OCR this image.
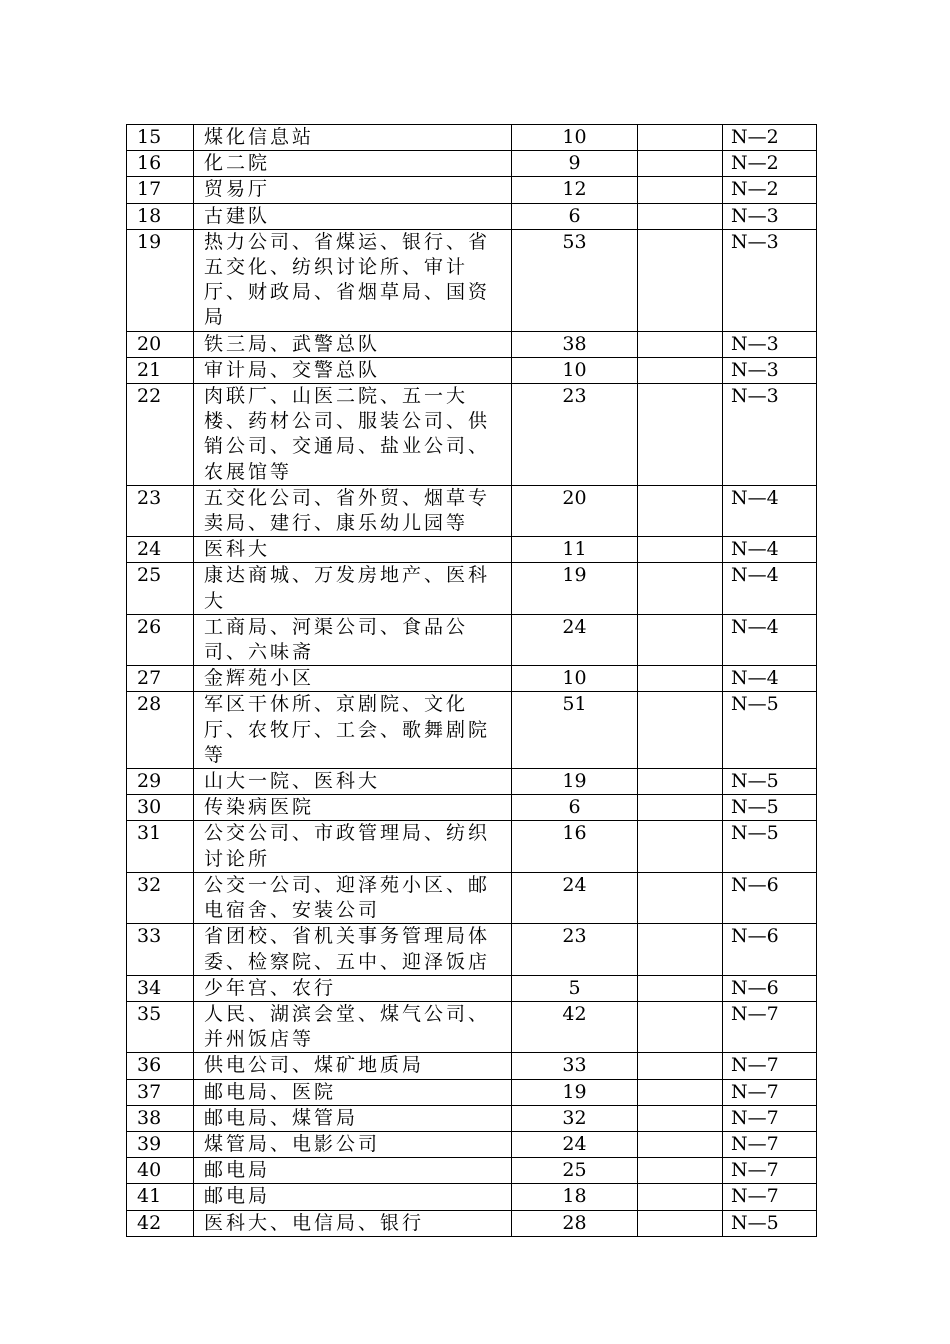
15	煤化信息站	10		N—2
16	化二院	9		N—2
17	贸易厅	12		N—2
18	古建队	6		N—3
19	热力公司、省煤运、银行、省五交化、纺织讨论所、审计厅、财政局、省烟草局、国资局	53		N—3
20	铁三局、武警总队	38		N—3
21	审计局、交警总队	10		N—3
22	肉联厂、山医二院、五一大楼、药材公司、服装公司、供销公司、交通局、盐业公司、农展馆等	23		N—3
23	五交化公司、省外贸、烟草专卖局、建行、康乐幼儿园等	20		N—4
24	医科大	11		N—4
25	康达商城、万发房地产、医科大	19		N—4
26	工商局、河渠公司、食品公司、六味斋	24		N—4
27	金辉苑小区	10		N—4
28	军区干休所、京剧院、文化厅、农牧厅、工会、歌舞剧院等	51		N—5
29	山大一院、医科大	19		N—5
30	传染病医院	6		N—5
31	公交公司、市政管理局、纺织讨论所	16		N—5
32	公交一公司、迎泽苑小区、邮电宿舍、安装公司	24		N—6
33	省团校、省机关事务管理局体委、检察院、五中、迎泽饭店	23		N—6
34	少年宫、农行	5		N—6
35	人民、湖滨会堂、煤气公司、并州饭店等	42		N—7
36	供电公司、煤矿地质局	33		N—7
37	邮电局、医院	19		N—7
38	邮电局、煤管局	32		N—7
39	煤管局、电影公司	24		N—7
40	邮电局	25		N—7
41	邮电局	18		N—7
42	医科大、电信局、银行	28		N—5
